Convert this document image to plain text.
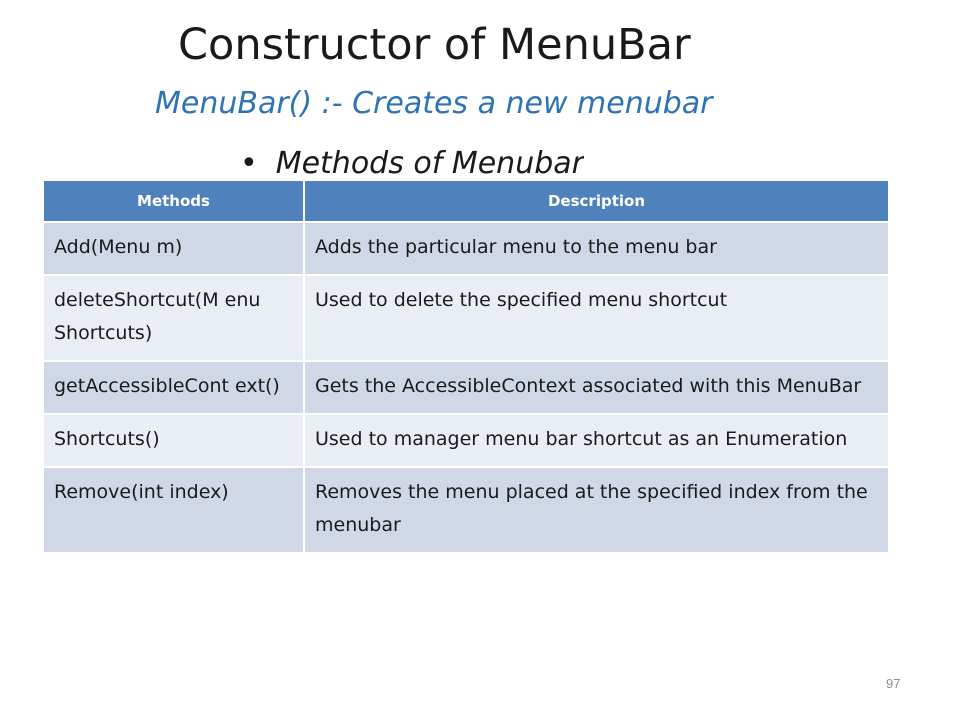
Constructor of MenuBar
MenuBar() :- Creates a new menubar
• Methods of Menubar
Methods	Description
Add(Menu m)	Adds the particular menu to the menu bar
deleteShortcut(M enu Shortcuts)	Used to delete the specified menu shortcut
getAccessibleCont ext()	Gets the AccessibleContext associated with this MenuBar
Shortcuts()	Used to manager menu bar shortcut as an Enumeration
Remove(int index)	Removes the menu placed at the specified index from the menubar
97
